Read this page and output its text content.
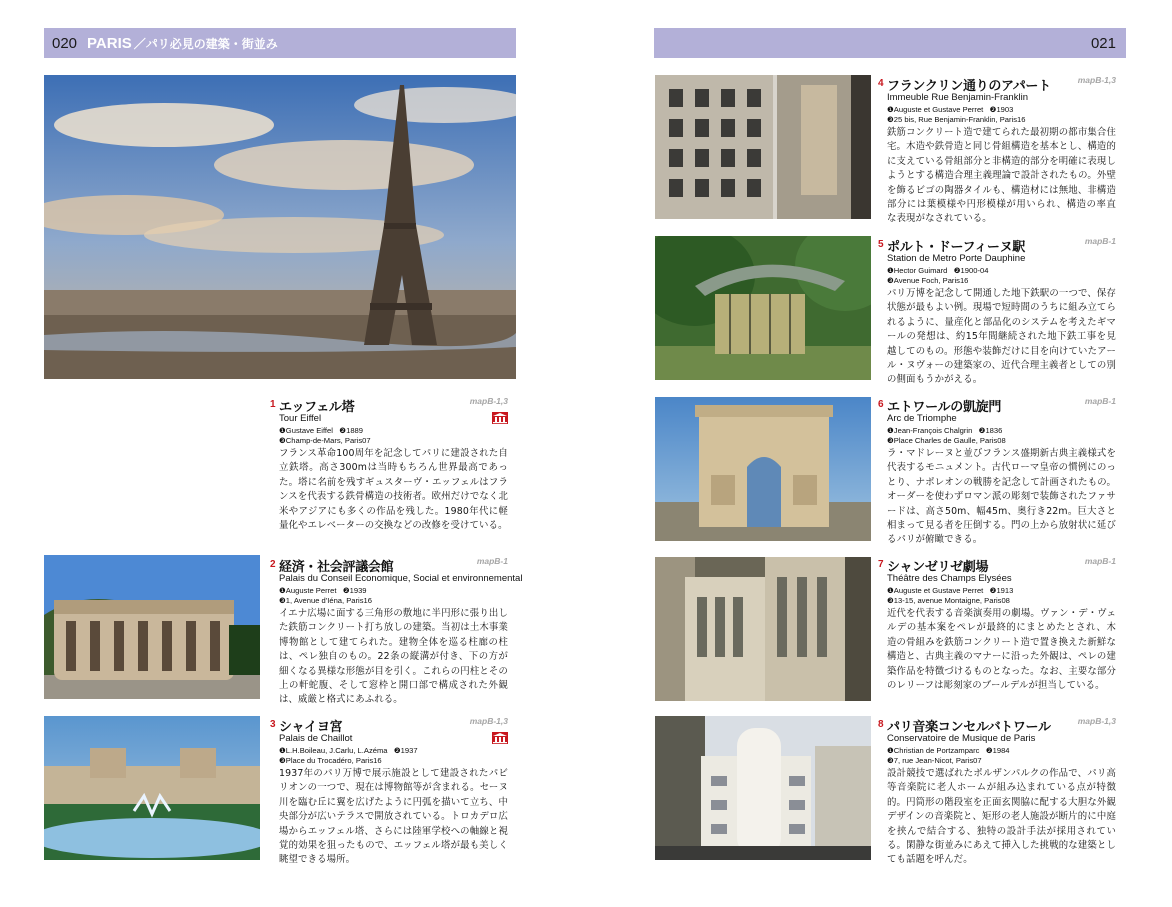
020 PARIS ／パリ必見の建築・街並み	021
1 エッフェル塔	mapB-1,3
Tour Eiffel
❶Gustave Eiffel ❷1889
❸Champ-de-Mars, Paris07
フランス革命100周年を記念してパリに建設された自立鉄塔。高さ300mは当時もちろん世界最高であった。塔に名前を残すギュスターヴ・エッフェルはフランスを代表する鉄骨構造の技術者。欧州だけでなく北米やアジアにも多くの作品を残した。1980年代に軽量化やエレベーターの交換などの改修を受けている。
2 経済・社会評議会館	mapB-1
Palais du Conseil Economique, Social et environnemental
❶Auguste Perret ❷1939
❸1, Avenue d'Iéna, Paris16
イエナ広場に面する三角形の敷地に半円形に張り出した鉄筋コンクリート打ち放しの建築。当初は土木事業博物館として建てられた。建物全体を巡る柱廊の柱は、ペレ独自のもの。22条の縦溝が付き、下の方が細くなる異様な形態が目を引く。これらの円柱とその上の軒蛇腹、そして窓枠と開口部で構成された外観は、威厳と格式にあふれる。
3 シャイヨ宮	mapB-1,3
Palais de Chaillot
❶L.H.Boileau, J.Carlu, L.Azéma ❷1937
❸Place du Trocadéro, Paris16
1937年のパリ万博で展示施設として建設されたパビリオンの一つで、現在は博物館等が含まれる。セーヌ川を臨む丘に翼を広げたように円弧を描いて立ち、中央部分が広いテラスで開放されている。トロカデロ広場からエッフェル塔、さらには陸軍学校への軸線と視覚的効果を狙ったもので、エッフェル塔が最も美しく眺望できる場所。
4 フランクリン通りのアパート	mapB-1,3
Immeuble Rue Benjamin-Franklin
❶Auguste et Gustave Perret ❷1903
❸25 bis, Rue Benjamin-Franklin, Paris16
鉄筋コンクリート造で建てられた最初期の都市集合住宅。木造や鉄骨造と同じ骨組構造を基本とし、構造的に支えている骨組部分と非構造的部分を明確に表現しようとする構造合理主義理論で設計されたもの。外壁を飾るビゴの陶器タイルも、構造材には無地、非構造部分には葉模様や円形模様が用いられ、構造の率直な表現がなされている。
5 ポルト・ドーフィーヌ駅	mapB-1
Station de Metro Porte Dauphine
❶Hector Guimard ❷1900-04
❸Avenue Foch, Paris16
パリ万博を記念して開通した地下鉄駅の一つで、保存状態が最もよい例。現場で短時間のうちに組み立てられるように、量産化と部品化のシステムを考えたギマールの発想は、約15年間継続された地下鉄工事を見越してのもの。形態や装飾だけに目を向けていたアール・ヌヴォーの建築家の、近代合理主義者としての別の側面もうかがえる。
6 エトワールの凱旋門	mapB-1
Arc de Triomphe
❶Jean-François Chalgrin ❷1836
❸Place Charles de Gaulle, Paris08
ラ・マドレーヌと並びフランス盛期新古典主義様式を代表するモニュメント。古代ローマ皇帝の慣例にのっとり、ナポレオンの戦勝を記念して計画されたもの。オーダーを使わずロマン派の彫刻で装飾されたファサードは、高さ50m、幅45m、奥行き22m。巨大さと相まって見る者を圧倒する。門の上から放射状に延びるパリが俯瞰できる。
7 シャンゼリゼ劇場	mapB-1
Théâtre des Champs Elysées
❶Auguste et Gustave Perret ❷1913
❸13-15, avenue Montaigne, Paris08
近代を代表する音楽演奏用の劇場。ヴァン・デ・ヴェルデの基本案をペレが最終的にまとめたとされ、木造の骨組みを鉄筋コンクリート造で置き換えた新鮮な構造と、古典主義のマナーに沿った外観は、ペレの建築作品を特徴づけるものとなった。なお、主要な部分のレリーフは彫刻家のブールデルが担当している。
8 パリ音楽コンセルバトワール	mapB-1,3
Conservatoire de Musique de Paris
❶Christian de Portzamparc ❷1984
❸7, rue Jean-Nicot, Paris07
設計競技で選ばれたポルザンパルクの作品で、パリ高等音楽院に老人ホームが組み込まれている点が特徴的。円筒形の階段室を正面玄関脇に配する大胆な外観デザインの音楽院と、矩形の老人施設が断片的に中庭を挟んで結合する、独特の設計手法が採用されている。閑静な街並みにあえて挿入した挑戦的な建築としても話題を呼んだ。
